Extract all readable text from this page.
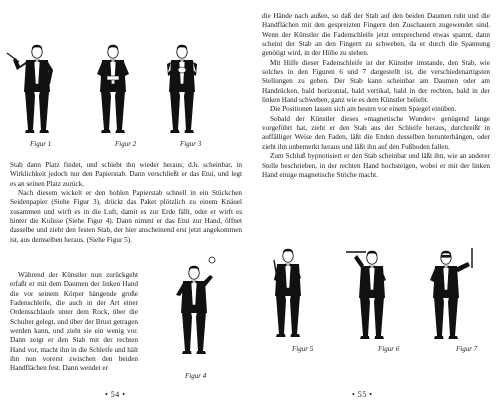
Figur 1	Figur 2	Figur 3

Stab dann Platz findet, und schiebt ihn wieder heraus; d.h. scheinbar, in Wirklichkeit jedoch nur den Papierstab. Dann verschließt er das Etui, und legt es an seinen Platz zurück.

Nach diesem wickelt er den hohlen Papierstab schnell in ein Stückchen Seidenpapier (Siehe Figur 3), drückt das Paket plötzlich zu einem Knäuel zusammen und wirft es in die Luft, damit es zur Erde fällt, oder er wirft es hinter die Kulisse (Siehe Figur 4). Dann nimmt er das Etui zur Hand, öffnet dasselbe und zieht den festen Stab, der hier anscheinend erst jetzt angekommen ist, aus demselben heraus. (Siehe Figur 5).

Während der Künstler nun zurückgeht erfaßt er mit dem Daumen der linken Hand die vor seinem Körper hängende große Fadenschleife, die auch in der Art einer Ordensschlaufe unter dem Rock, über die Schulter gelegt, und über der Brust getragen werden kann, und zieht sie ein wenig vor. Dann zeigt er den Stab mit der rechten Hand vor, macht ihn in die Schleife und hält ihn nun vorerst zwischen den beiden Handflächen fest. Dann wendet er

Figur 4
• 54 •

die Hände nach außen, so daß der Stab auf den beiden Daumen ruht und die Handflächen mit den gespreizten Fingern den Zuschauern zugewendet sind. Wenn der Künstler die Fadenschleife jetzt entsprechend etwas spannt, dann scheint der Stab an den Fingern zu schweben, da er durch die Spannung genötigt wird, in der Höhe zu stehen.

Mit Hilfe dieser Fadenschleife ist der Künstler imstande, den Stab, wie solches in den Figuren 6 und 7 dargestellt ist, die verschiedenartigsten Stellungen zu geben. Der Stab kann scheinbar am Daumen oder am Handrücken, bald horizontal, bald vertikal, bald in der rechten, bald in der linken Hand schweben, ganz wie es dem Künstler beliebt.

Die Positionen lassen sich am besten vor einem Spiegel einüben.

Sobald der Künstler dieses »magnetische Wunder« genügend lange vorgeführt hat, zieht er den Stab aus der Schleife heraus, durchreißt in auffälliger Weise den Faden, läßt die Enden desselben herunterhängen, oder zieht ihn unbemerkt heraus und läßt ihn auf den Fußboden fallen.

Zum Schluß hypnotisiert er den Stab scheinbar und läßt ihn, wie an anderer Stelle beschrieben, in der rechten Hand hochsteigen, wobei er mit der linken Hand einige magnetische Striche macht.

Figur 5	Figur 6	Figur 7
• 55 •
